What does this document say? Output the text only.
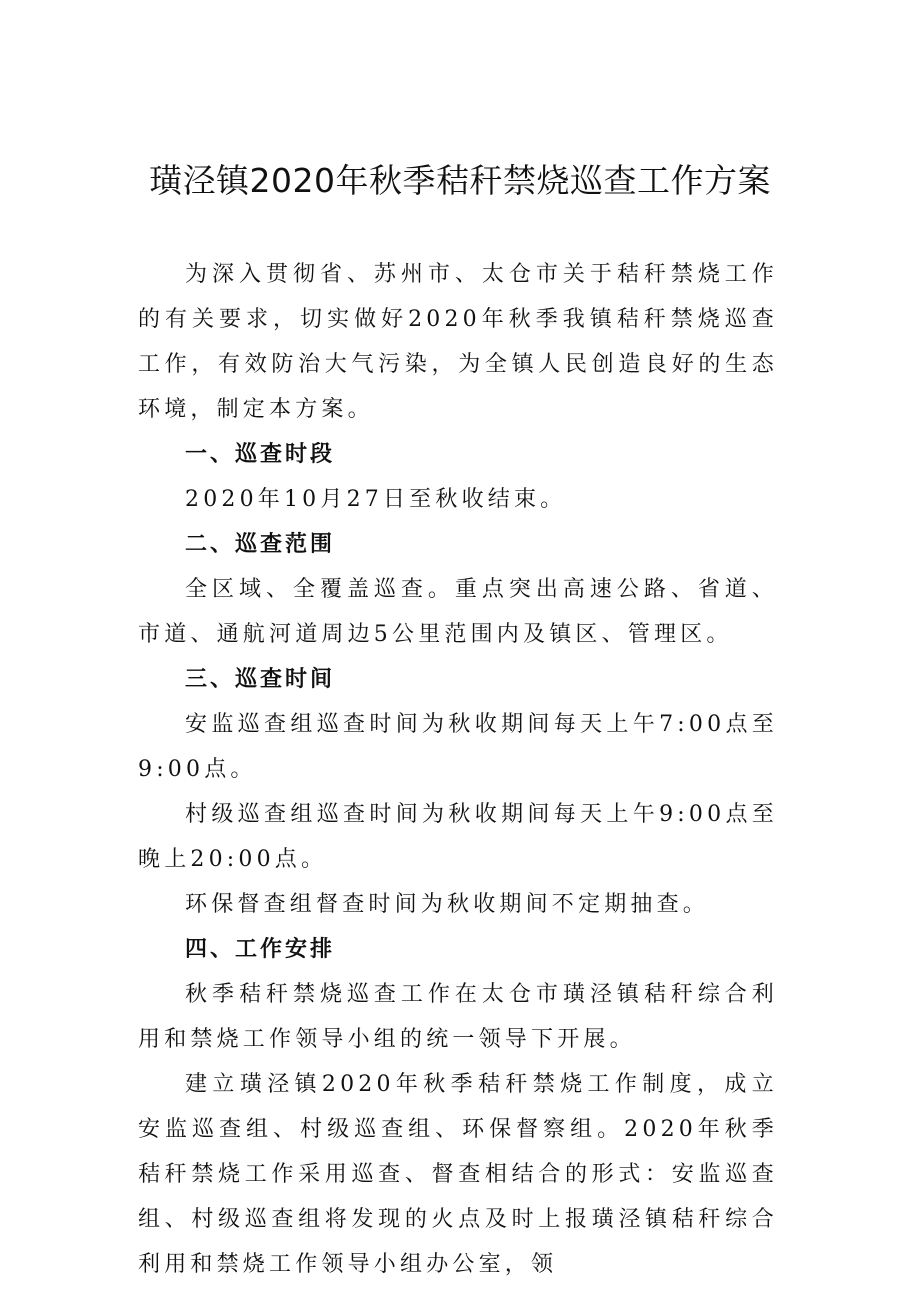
璜泾镇2020年秋季秸秆禁烧巡查工作方案

为深入贯彻省、苏州市、太仓市关于秸秆禁烧工作的有关要求，切实做好2020年秋季我镇秸秆禁烧巡查工作，有效防治大气污染，为全镇人民创造良好的生态环境，制定本方案。

一、巡查时段

2020年10月27日至秋收结束。

二、巡查范围

全区域、全覆盖巡查。重点突出高速公路、省道、市道、通航河道周边5公里范围内及镇区、管理区。

三、巡查时间

安监巡查组巡查时间为秋收期间每天上午7:00点至9:00点。

村级巡查组巡查时间为秋收期间每天上午9:00点至晚上20:00点。

环保督查组督查时间为秋收期间不定期抽查。

四、工作安排

秋季秸秆禁烧巡查工作在太仓市璜泾镇秸秆综合利用和禁烧工作领导小组的统一领导下开展。

建立璜泾镇2020年秋季秸秆禁烧工作制度，成立安监巡查组、村级巡查组、环保督察组。2020年秋季秸秆禁烧工作采用巡查、督查相结合的形式：安监巡查组、村级巡查组将发现的火点及时上报璜泾镇秸秆综合利用和禁烧工作领导小组办公室，领
